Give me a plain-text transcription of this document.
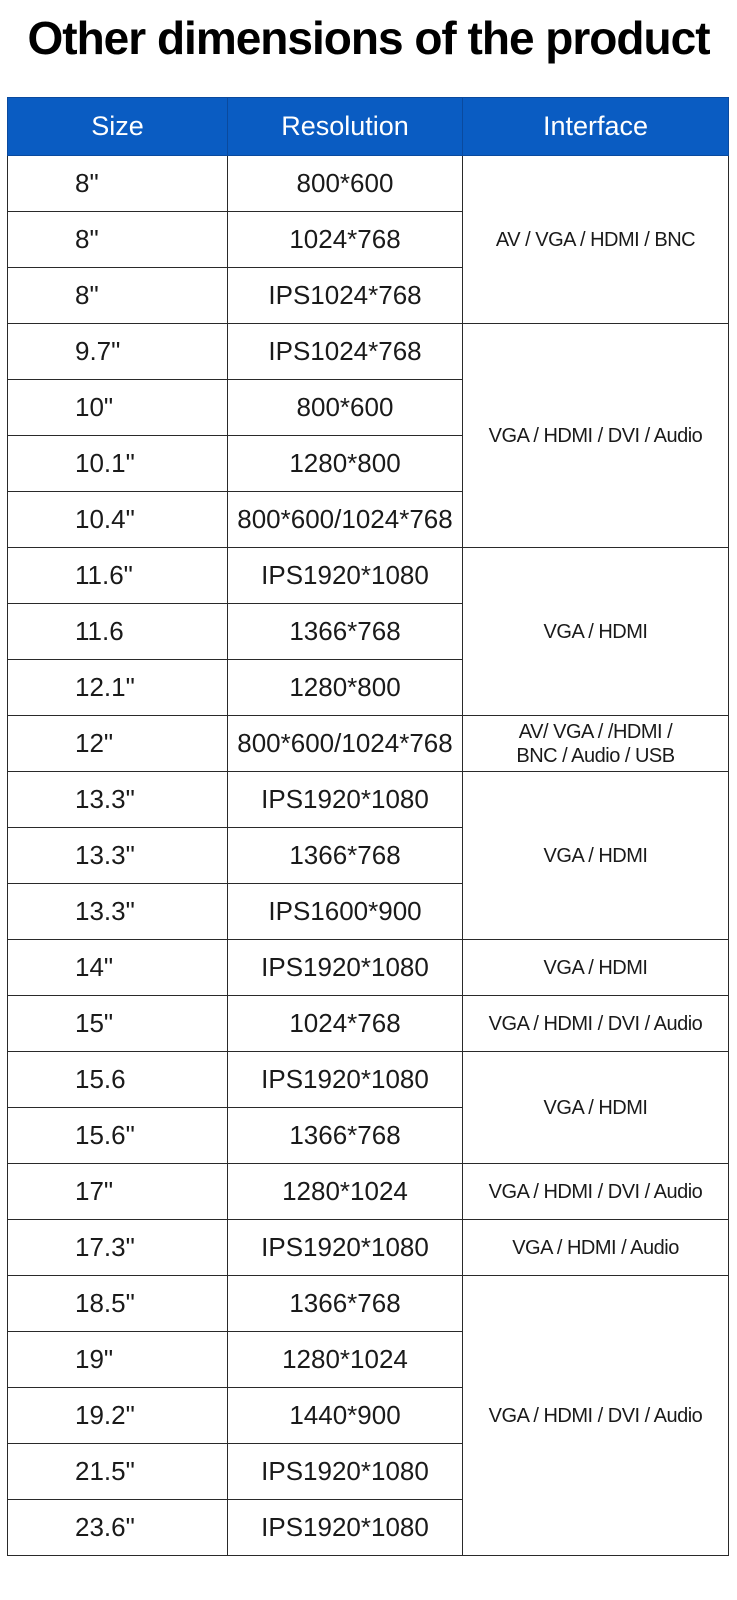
Other dimensions of the product
Size	Resolution	Interface
8"	800*600	AV / VGA / HDMI / BNC

8"	1024*768	
8"	IPS1024*768	
9.7"	IPS1024*768	VGA / HDMI / DVI / Audio

10"	800*600	
10.1"	1280*800	
10.4"	800*600/1024*768	
11.6"	IPS1920*1080	VGA / HDMI

11.6	1366*768	
12.1"	1280*800	
12"	800*600/1024*768	AV/ VGA / /HDMI /
BNC / Audio / USB

13.3"	IPS1920*1080	VGA / HDMI

13.3"	1366*768	
13.3"	IPS1600*900	
14"	IPS1920*1080	VGA / HDMI

15"	1024*768	VGA / HDMI / DVI / Audio

15.6	IPS1920*1080	VGA / HDMI

15.6"	1366*768	
17"	1280*1024	VGA / HDMI / DVI / Audio

17.3"	IPS1920*1080	VGA / HDMI / Audio

18.5"	1366*768	VGA / HDMI / DVI / Audio

19"	1280*1024	
19.2"	1440*900	
21.5"	IPS1920*1080	
23.6"	IPS1920*1080	
